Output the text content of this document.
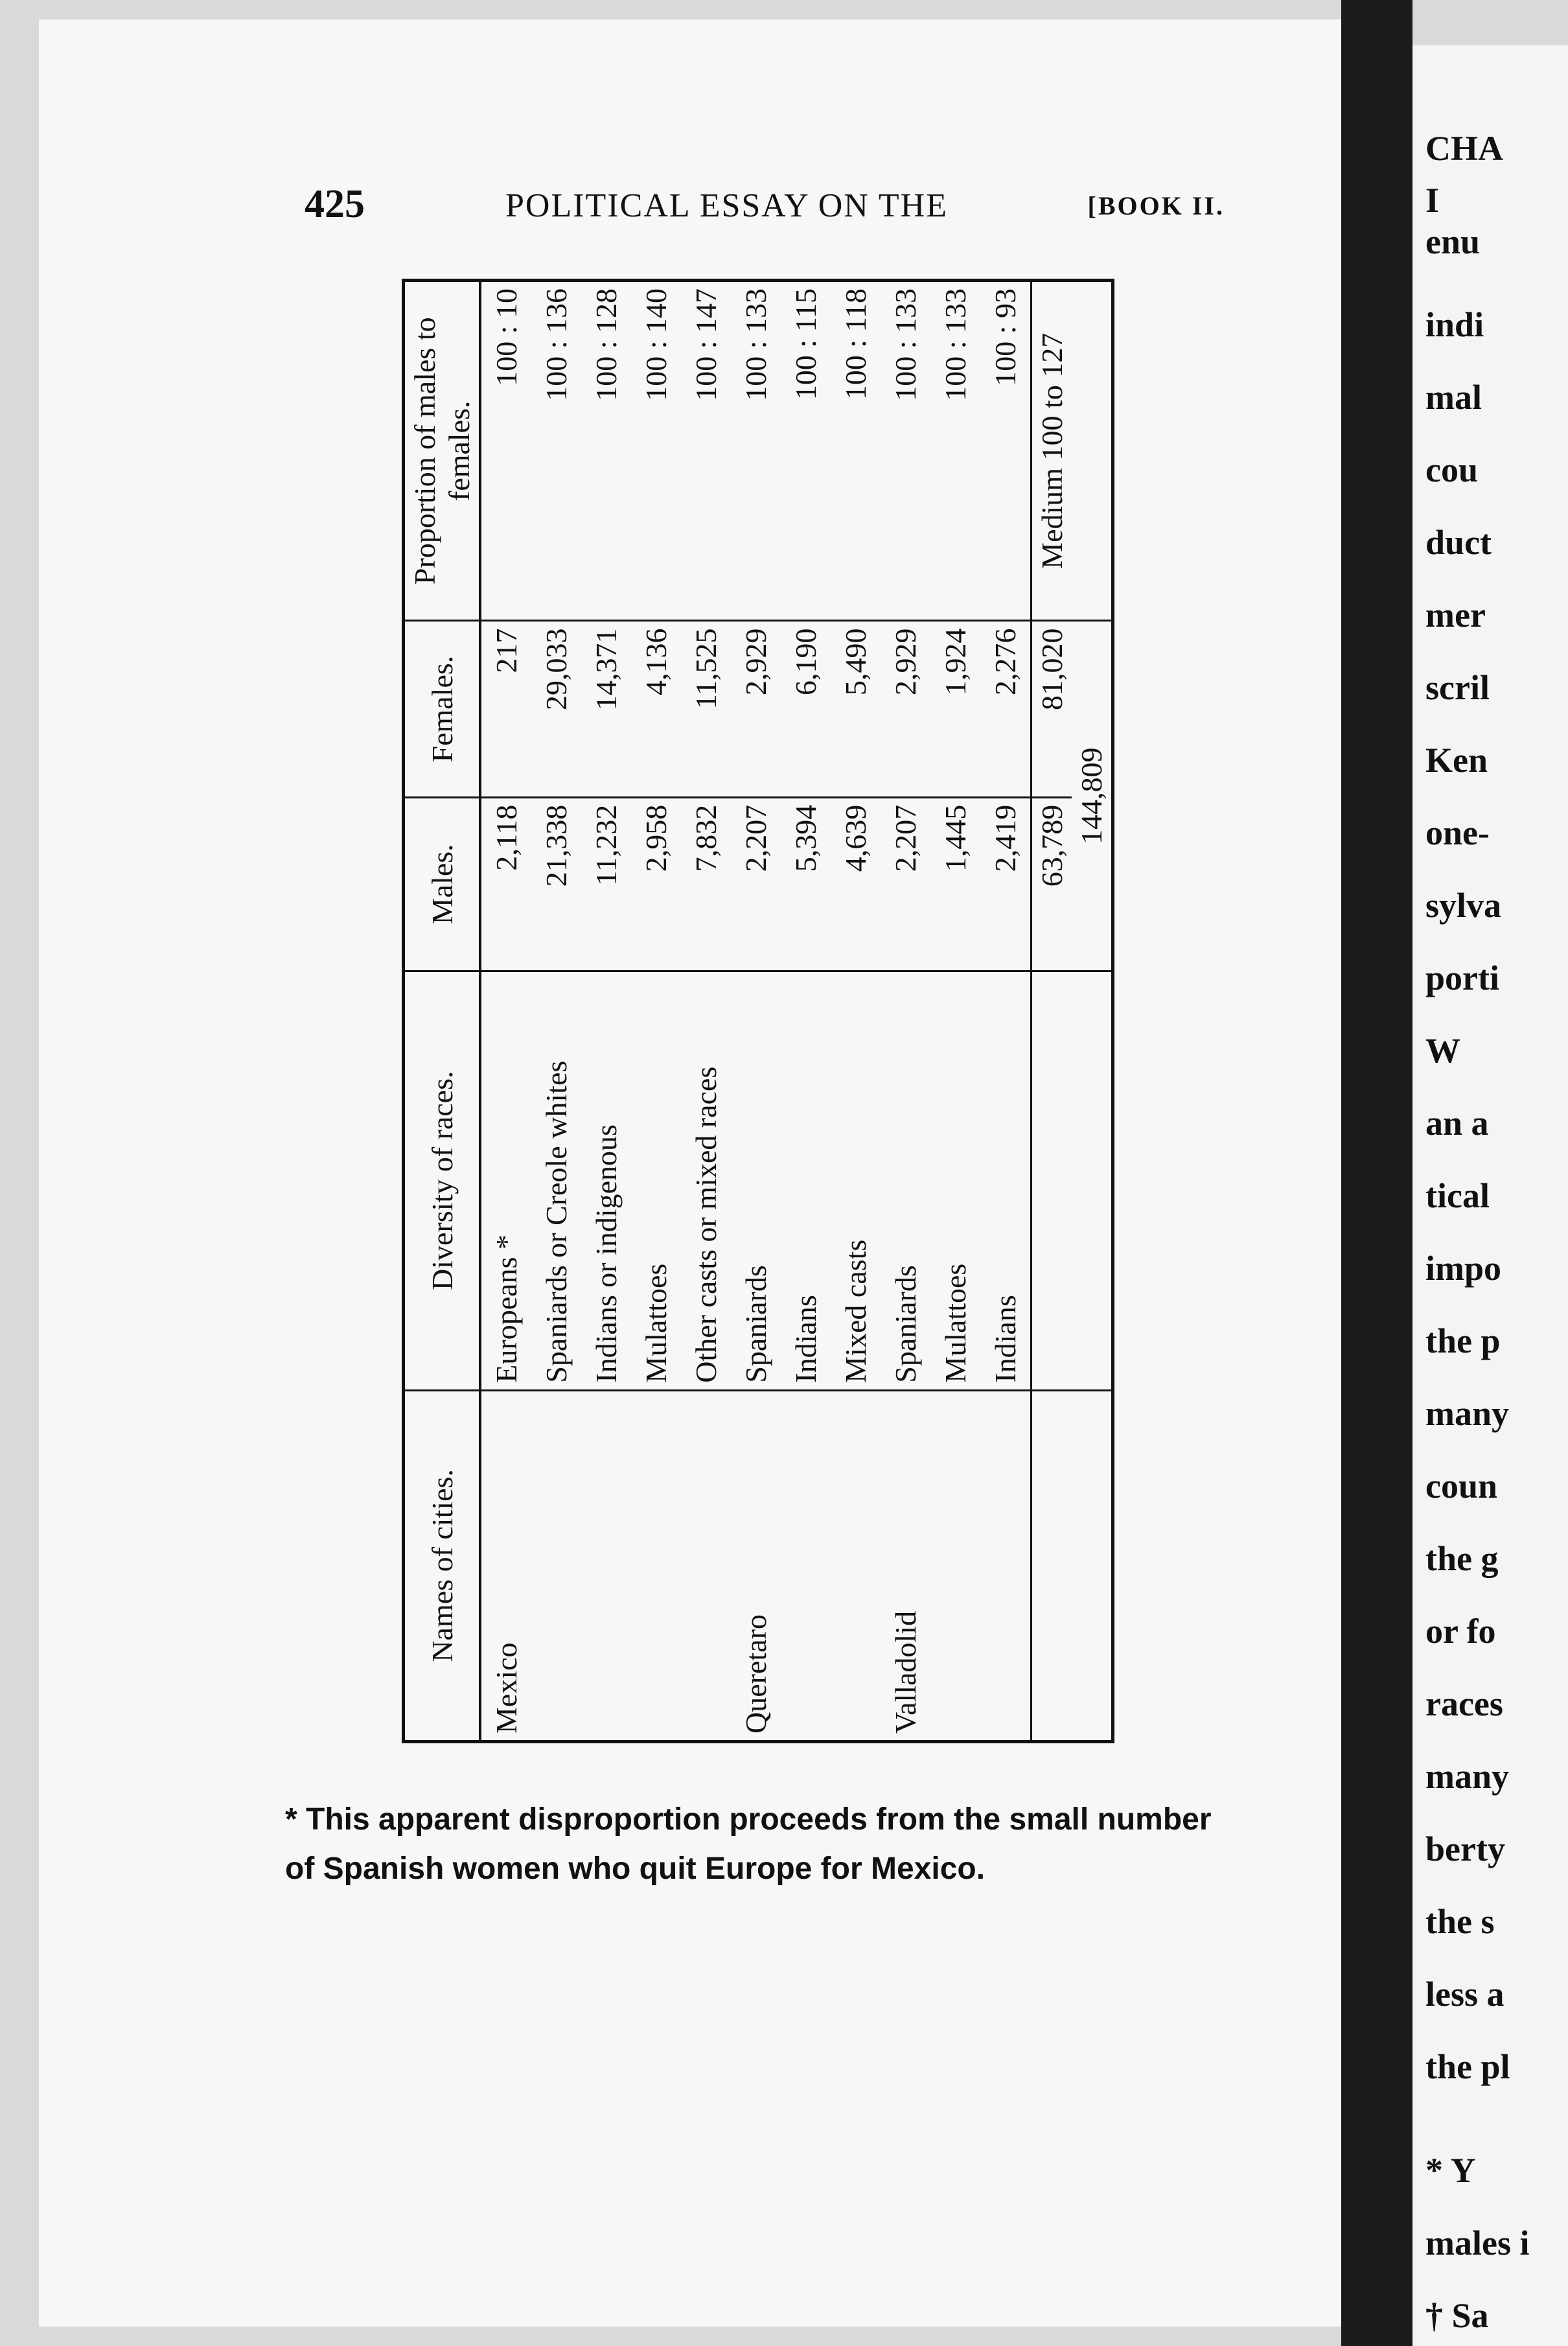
425	POLITICAL ESSAY ON THE	[BOOK II.
Names of cities.	Diversity of races.	Males.	Females.	Proportion of males to females.
Mexico	Europeans *	2,118	217	100 : 10
	Spaniards or Creole whites	21,338	29,033	100 : 136
	Indians or indigenous	11,232	14,371	100 : 128
	Mulattoes	2,958	4,136	100 : 140
	Other casts or mixed races	7,832	11,525	100 : 147
Queretaro	Spaniards	2,207	2,929	100 : 133
	Indians	5,394	6,190	100 : 115
	Mixed casts	4,639	5,490	100 : 118
Valladolid	Spaniards	2,207	2,929	100 : 133
	Mulattoes	1,445	1,924	100 : 133
	Indians	2,419	2,276	100 : 93
		63,789	81,020	Medium 100 to 127
		144,809		
* This apparent disproportion proceeds from the small number of Spanish women who quit Europe for Mexico.
CHA
I
enu
indi
mal
cou
duct
mer
scril
Ken
one-
sylva
porti
W
an a
tical
impo
the p
many
coun
the g
or fo
races
many
berty
the s
less a
the pl
* Y
males i
† Sa
